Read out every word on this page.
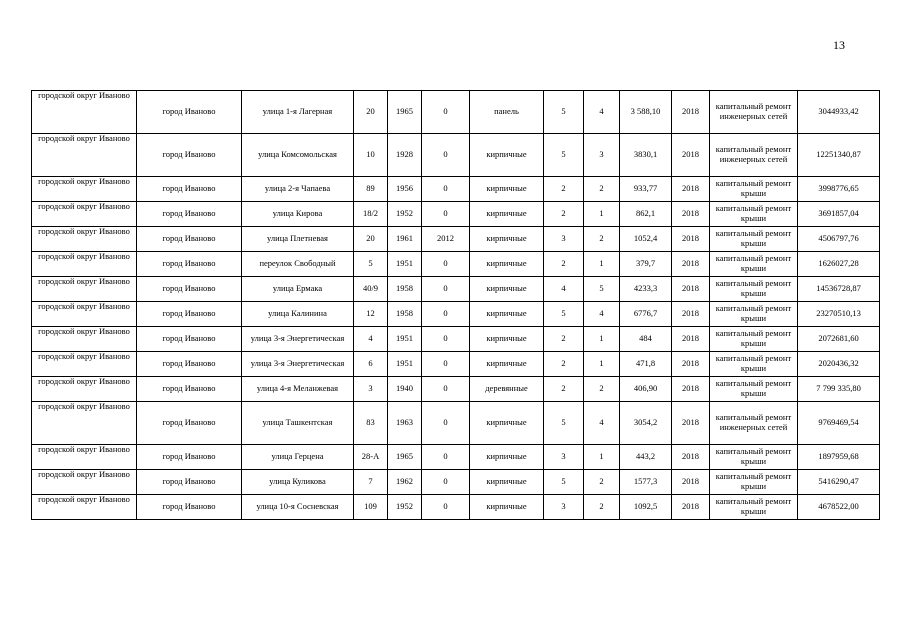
13
городской округ Иваново	город Иваново	улица 1-я Лагерная	20	1965	0	панель	5	4	3 588,10	2018	капитальный ремонт инженерных сетей	3044933,42
городской округ Иваново	город Иваново	улица Комсомольская	10	1928	0	кирпичные	5	3	3830,1	2018	капитальный ремонт инженерных сетей	12251340,87
городской округ Иваново	город Иваново	улица 2-я Чапаева	89	1956	0	кирпичные	2	2	933,77	2018	капитальный ремонт крыши	3998776,65
городской округ Иваново	город Иваново	улица Кирова	18/2	1952	0	кирпичные	2	1	862,1	2018	капитальный ремонт крыши	3691857,04
городской округ Иваново	город Иваново	улица Плетневая	20	1961	2012	кирпичные	3	2	1052,4	2018	капитальный ремонт крыши	4506797,76
городской округ Иваново	город Иваново	переулок Свободный	5	1951	0	кирпичные	2	1	379,7	2018	капитальный ремонт крыши	1626027,28
городской округ Иваново	город Иваново	улица Ермака	40/9	1958	0	кирпичные	4	5	4233,3	2018	капитальный ремонт крыши	14536728,87
городской округ Иваново	город Иваново	улица Калинина	12	1958	0	кирпичные	5	4	6776,7	2018	капитальный ремонт крыши	23270510,13
городской округ Иваново	город Иваново	улица 3-я Энергетическая	4	1951	0	кирпичные	2	1	484	2018	капитальный ремонт крыши	2072681,60
городской округ Иваново	город Иваново	улица 3-я Энергетическая	6	1951	0	кирпичные	2	1	471,8	2018	капитальный ремонт крыши	2020436,32
городской округ Иваново	город Иваново	улица 4-я Меланжевая	3	1940	0	деревянные	2	2	406,90	2018	капитальный ремонт крыши	7 799 335,80
городской округ Иваново	город Иваново	улица Ташкентская	83	1963	0	кирпичные	5	4	3054,2	2018	капитальный ремонт инженерных сетей	9769469,54
городской округ Иваново	город Иваново	улица Герцена	28-А	1965	0	кирпичные	3	1	443,2	2018	капитальный ремонт крыши	1897959,68
городской округ Иваново	город Иваново	улица Куликова	7	1962	0	кирпичные	5	2	1577,3	2018	капитальный ремонт крыши	5416290,47
городской округ Иваново	город Иваново	улица 10-я Сосневская	109	1952	0	кирпичные	3	2	1092,5	2018	капитальный ремонт крыши	4678522,00
